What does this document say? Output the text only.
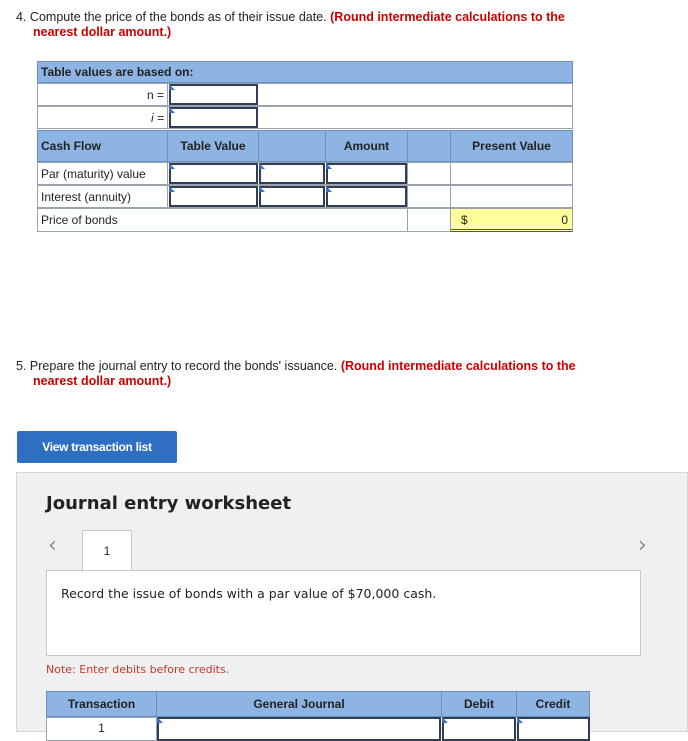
4. Compute the price of the bonds as of their issue date. (Round intermediate calculations to the
nearest dollar amount.)
Table values are based on:
n =
i =
Cash Flow	Table Value	Amount	Present Value
Par (maturity) value
Interest (annuity)
Price of bonds	$	0
5. Prepare the journal entry to record the bonds' issuance. (Round intermediate calculations to the
nearest dollar amount.)
View transaction list
Journal entry worksheet
‹	1	›
Record the issue of bonds with a par value of $70,000 cash.
Note: Enter debits before credits.
Transaction	General Journal	Debit	Credit
1
